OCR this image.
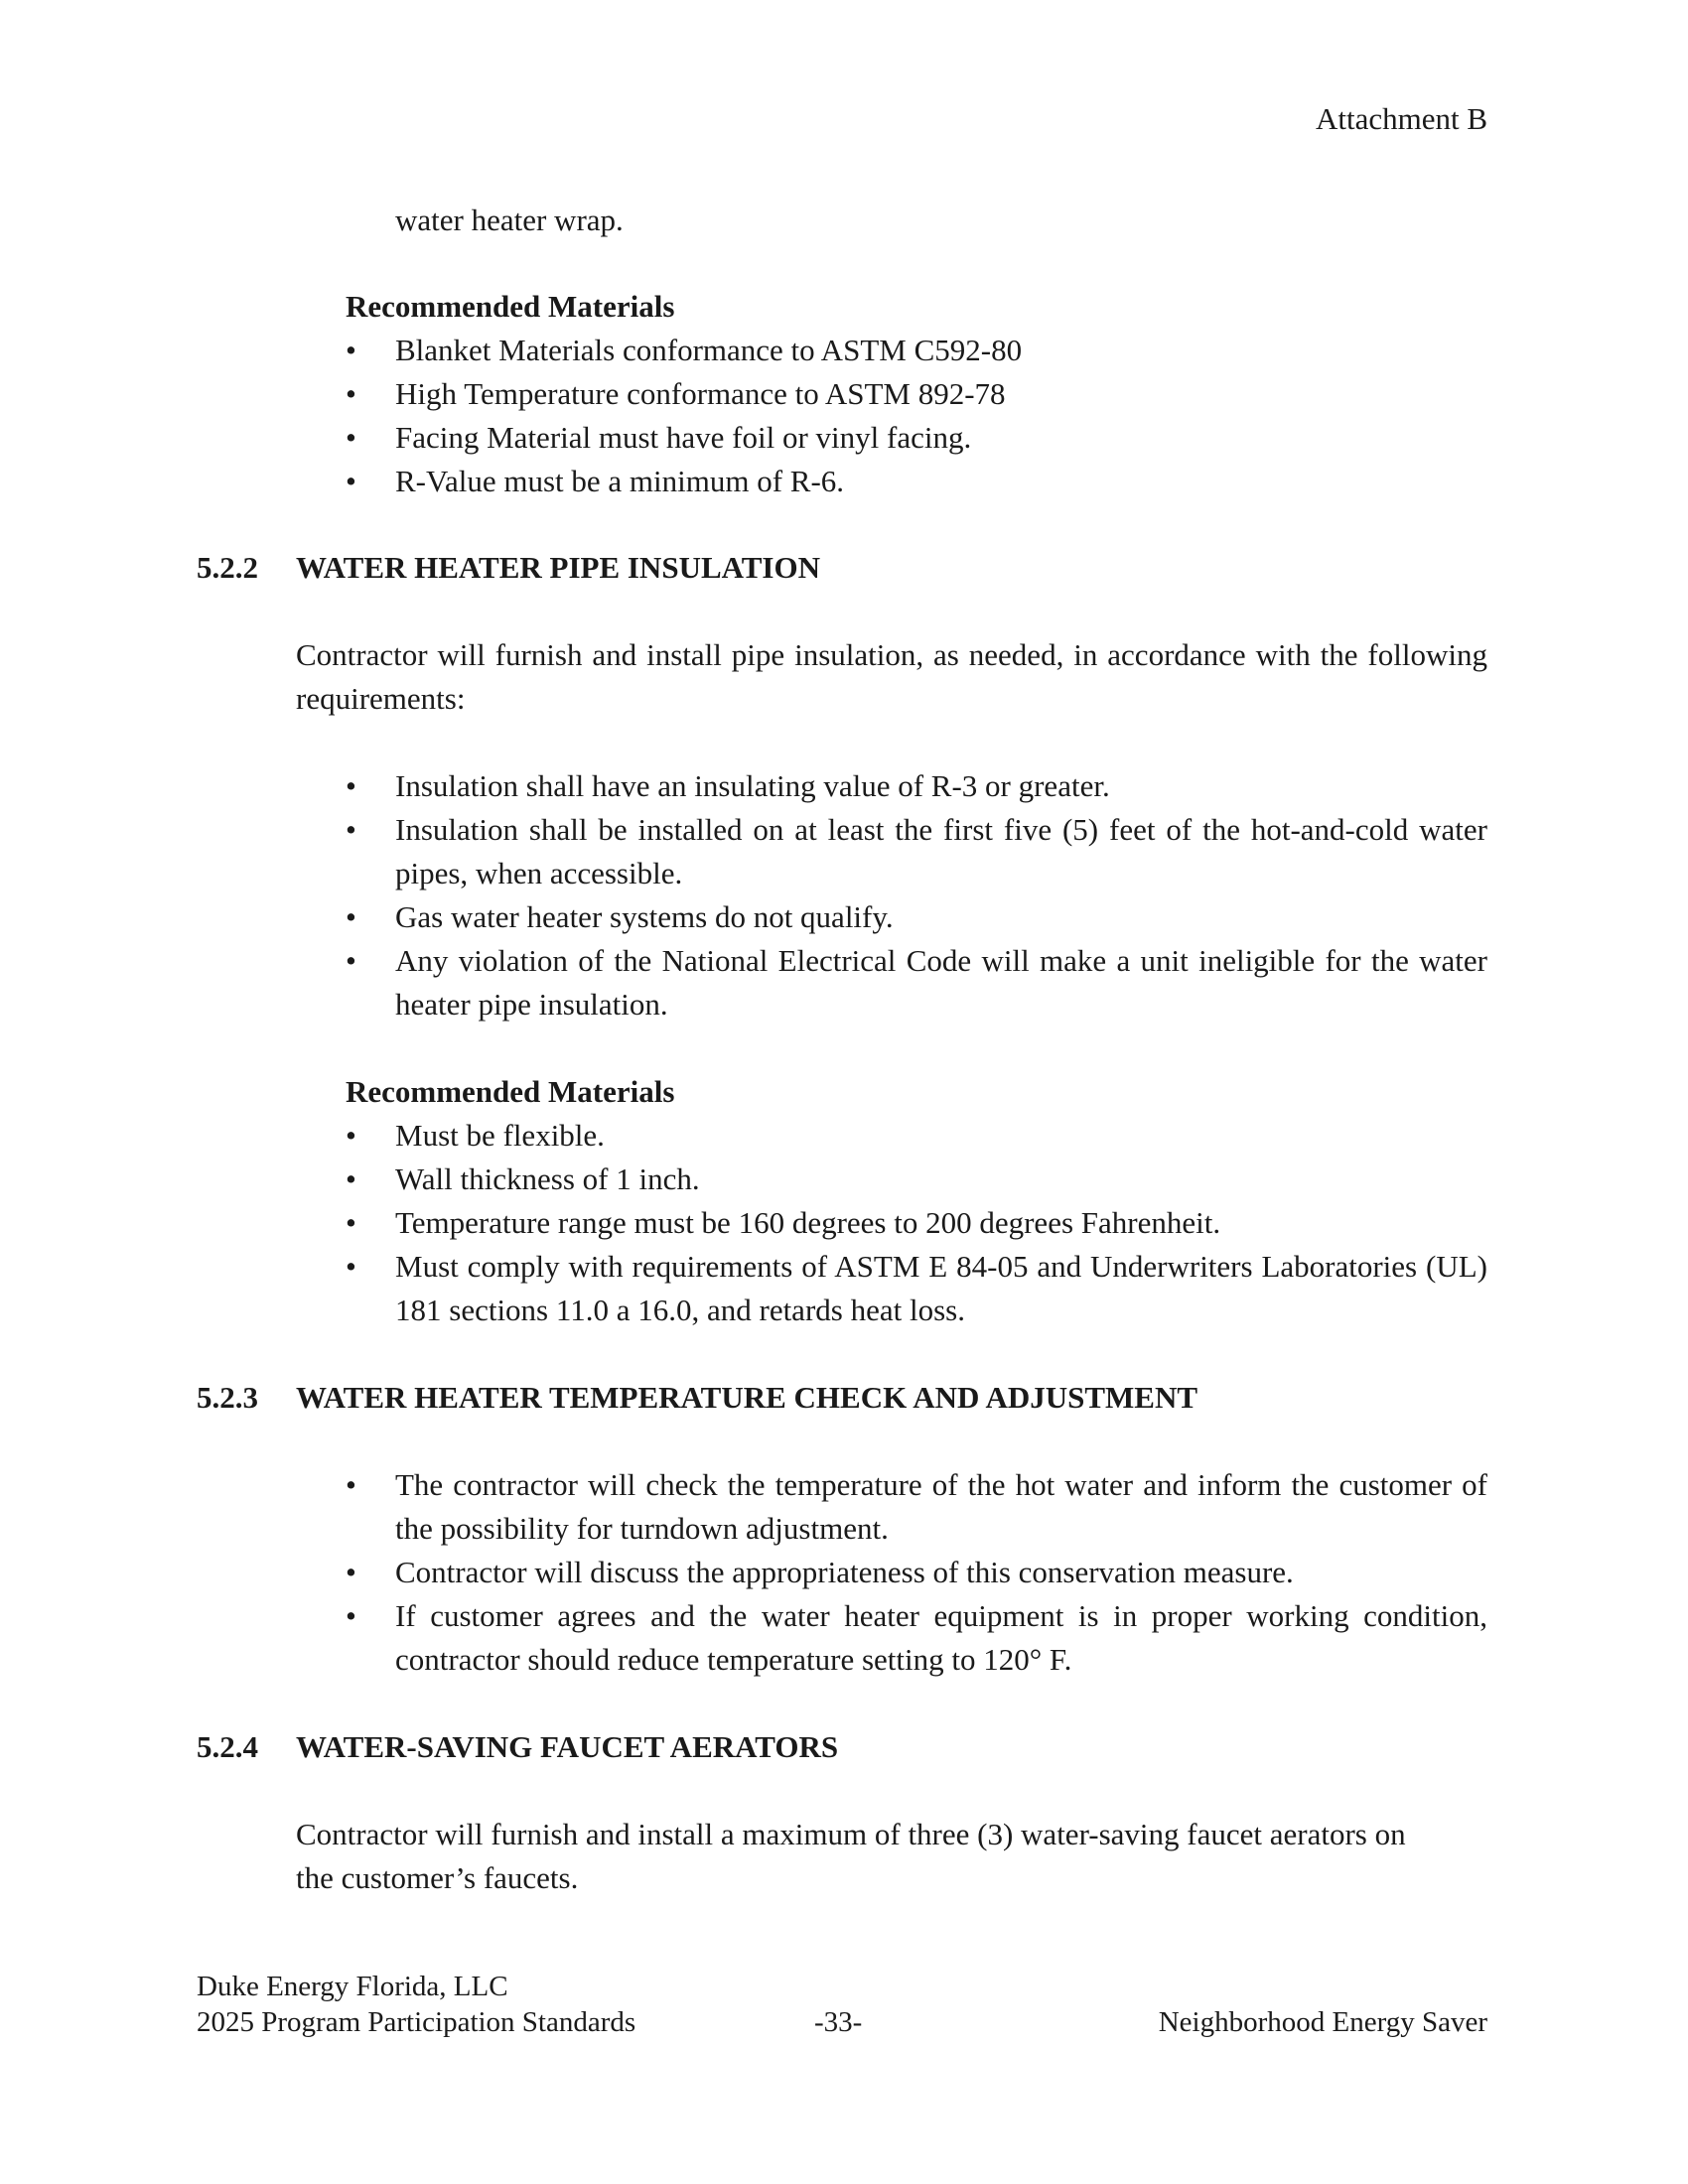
Attachment B
water heater wrap.
Recommended Materials
• Blanket Materials conformance to ASTM C592-80
• High Temperature conformance to ASTM 892-78
• Facing Material must have foil or vinyl facing.
• R-Value must be a minimum of R-6.
5.2.2 WATER HEATER PIPE INSULATION
Contractor will furnish and install pipe insulation, as needed, in accordance with the following requirements:
• Insulation shall have an insulating value of R-3 or greater.
• Insulation shall be installed on at least the first five (5) feet of the hot-and-cold water pipes, when accessible.
• Gas water heater systems do not qualify.
• Any violation of the National Electrical Code will make a unit ineligible for the water heater pipe insulation.
Recommended Materials
• Must be flexible.
• Wall thickness of 1 inch.
• Temperature range must be 160 degrees to 200 degrees Fahrenheit.
• Must comply with requirements of ASTM E 84-05 and Underwriters Laboratories (UL) 181 sections 11.0 a 16.0, and retards heat loss.
5.2.3 WATER HEATER TEMPERATURE CHECK AND ADJUSTMENT
• The contractor will check the temperature of the hot water and inform the customer of the possibility for turndown adjustment.
• Contractor will discuss the appropriateness of this conservation measure.
• If customer agrees and the water heater equipment is in proper working condition, contractor should reduce temperature setting to 120° F.
5.2.4 WATER-SAVING FAUCET AERATORS
Contractor will furnish and install a maximum of three (3) water-saving faucet aerators on the customer’s faucets.
Duke Energy Florida, LLC
2025 Program Participation Standards	-33-	Neighborhood Energy Saver
